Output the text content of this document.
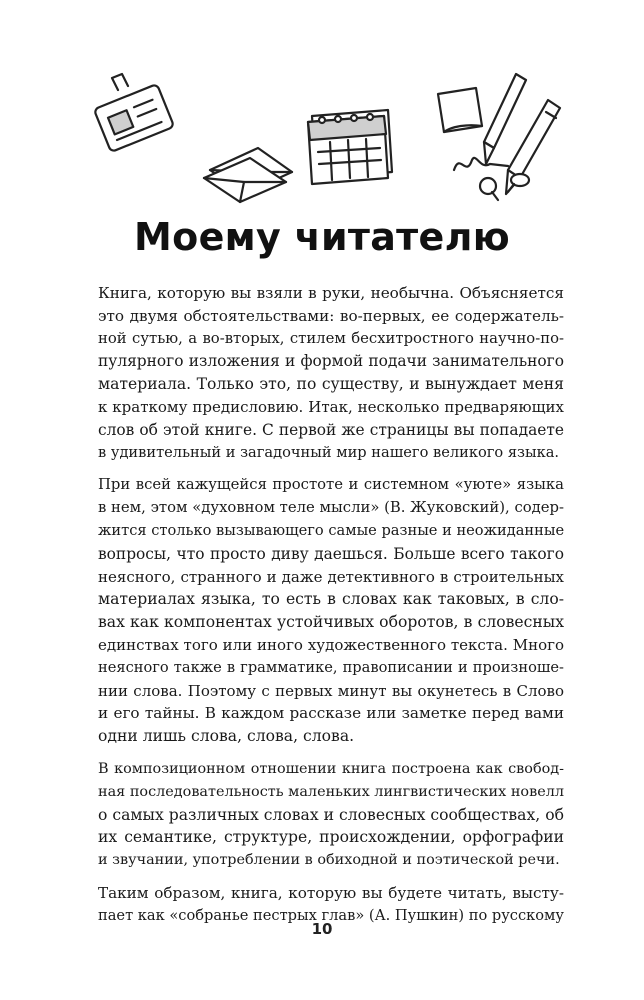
Моему читателю

Книга, которую вы взяли в руки, необычна. Объясняется
это двумя обстоятельствами: во-первых, ее содержатель-
ной сутью, а во-вторых, стилем бесхитростного научно-по-
пулярного изложения и формой подачи занимательного
материала. Только это, по существу, и вынуждает меня
к краткому предисловию. Итак, несколько предваряющих
слов об этой книге. С первой же страницы вы попадаете
в удивительный и загадочный мир нашего великого языка.

При всей кажущейся простоте и системном «уюте» языка
в нем, этом «духовном теле мысли» (В. Жуковский), содер-
жится столько вызывающего самые разные и неожиданные
вопросы, что просто диву даешься. Больше всего такого
неясного, странного и даже детективного в строительных
материалах языка, то есть в словах как таковых, в сло-
вах как компонентах устойчивых оборотов, в словесных
единствах того или иного художественного текста. Много
неясного также в грамматике, правописании и произноше-
нии слова. Поэтому с первых минут вы окунетесь в Слово
и его тайны. В каждом рассказе или заметке перед вами
одни лишь слова, слова, слова.

В композиционном отношении книга построена как свобод-
ная последовательность маленьких лингвистических новелл
о самых различных словах и словесных сообществах, об
их семантике, структуре, происхождении, орфографии
и звучании, употреблении в обиходной и поэтической речи.

Таким образом, книга, которую вы будете читать, высту-
пает как «собранье пестрых глав» (А. Пушкин) по русскому

10
